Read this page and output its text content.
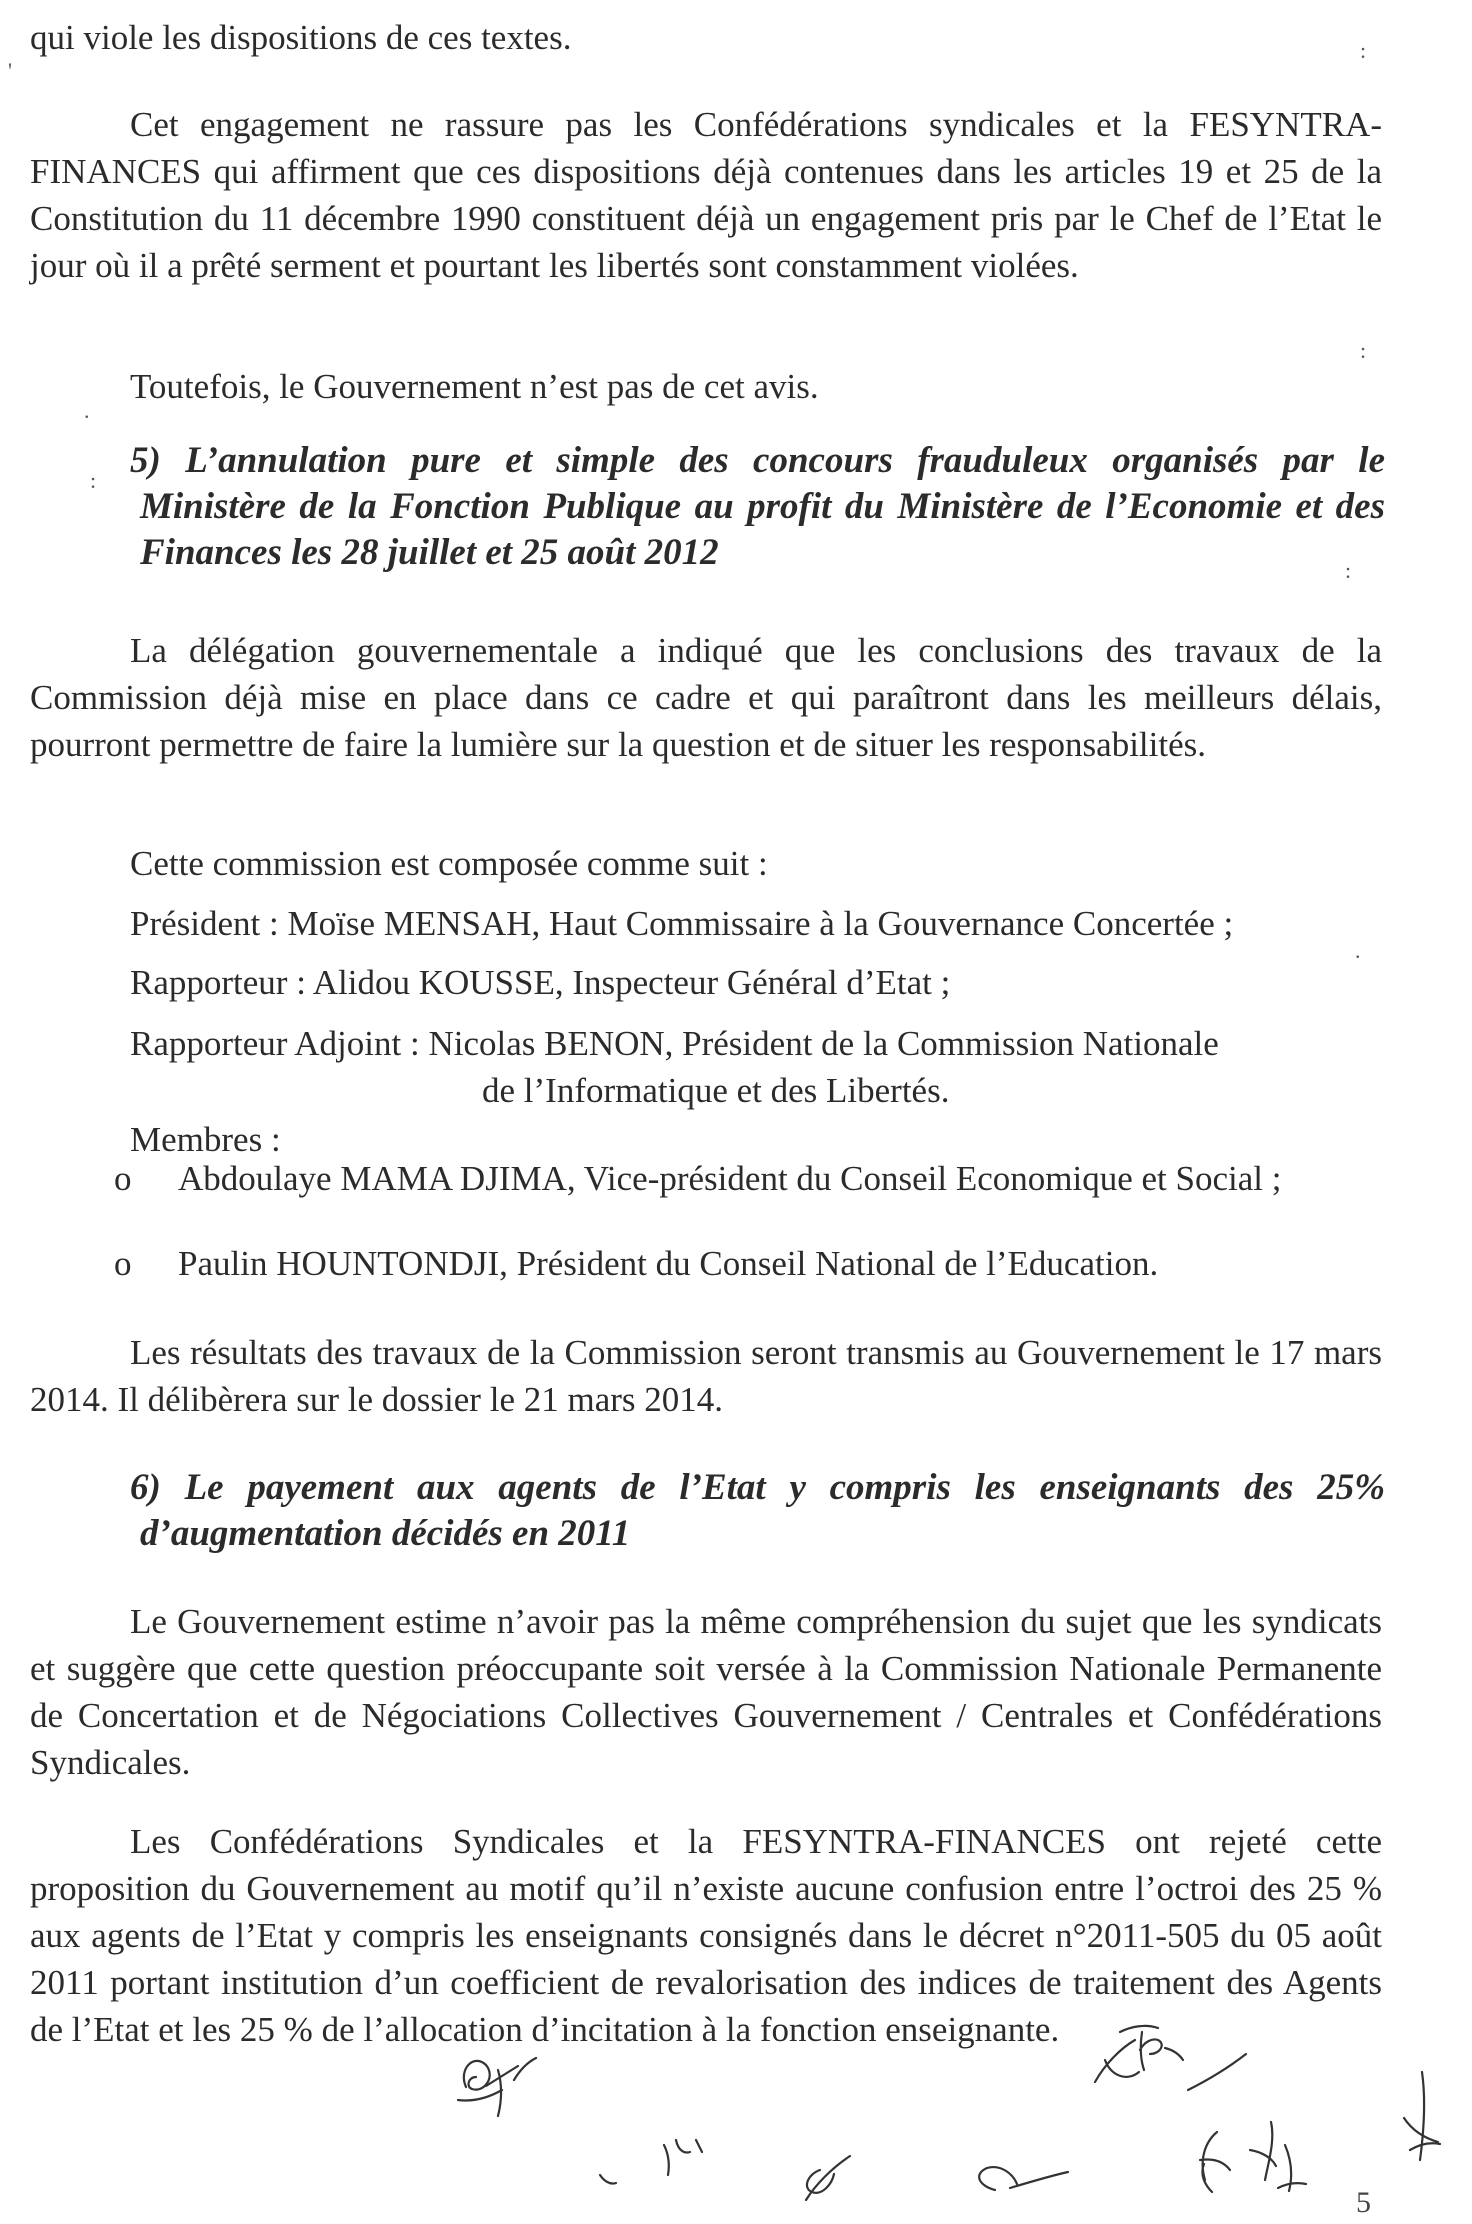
qui viole les dispositions de ces textes.

Cet engagement ne rassure pas les Confédérations syndicales et la FESYNTRA-FINANCES qui affirment que ces dispositions déjà contenues dans les articles 19 et 25 de la Constitution du 11 décembre 1990 constituent déjà un engagement pris par le Chef de l’Etat le jour où il a prêté serment et pourtant les libertés sont constamment violées.

Toutefois, le Gouvernement n’est pas de cet avis.

5) L’annulation pure et simple des concours frauduleux organisés par le Ministère de la Fonction Publique au profit du Ministère de l’Economie et des Finances les 28 juillet et 25 août 2012

La délégation gouvernementale a indiqué que les conclusions des travaux de la Commission déjà mise en place dans ce cadre et qui paraîtront dans les meilleurs délais, pourront permettre de faire la lumière sur la question et de situer les responsabilités.

Cette commission est composée comme suit :

Président : Moïse MENSAH, Haut Commissaire à la Gouvernance Concertée ;

Rapporteur : Alidou KOUSSE, Inspecteur Général d’Etat ;

Rapporteur Adjoint : Nicolas BENON, Président de la Commission Nationale

de l’Informatique et des Libertés.

Membres :

o Abdoulaye MAMA DJIMA, Vice-président du Conseil Economique et Social ;
o Paulin HOUNTONDJI, Président du Conseil National de l’Education.

Les résultats des travaux de la Commission seront transmis au Gouvernement le 17 mars 2014. Il délibèrera sur le dossier le 21 mars 2014.

6) Le payement aux agents de l’Etat y compris les enseignants des 25% d’augmentation décidés en 2011

Le Gouvernement estime n’avoir pas la même compréhension du sujet que les syndicats et suggère que cette question préoccupante soit versée à la Commission Nationale Permanente de Concertation et de Négociations Collectives Gouvernement / Centrales et Confédérations Syndicales.

Les Confédérations Syndicales et la FESYNTRA-FINANCES ont rejeté cette proposition du Gouvernement au motif qu’il n’existe aucune confusion entre l’octroi des 25 % aux agents de l’Etat y compris les enseignants consignés dans le décret n°2011-505 du 05 août 2011 portant institution d’un coefficient de revalorisation des indices de traitement des Agents de l’Etat et les 25 % de l’allocation d’incitation à la fonction enseignante.

'
:
.
:
:
:
.
5
